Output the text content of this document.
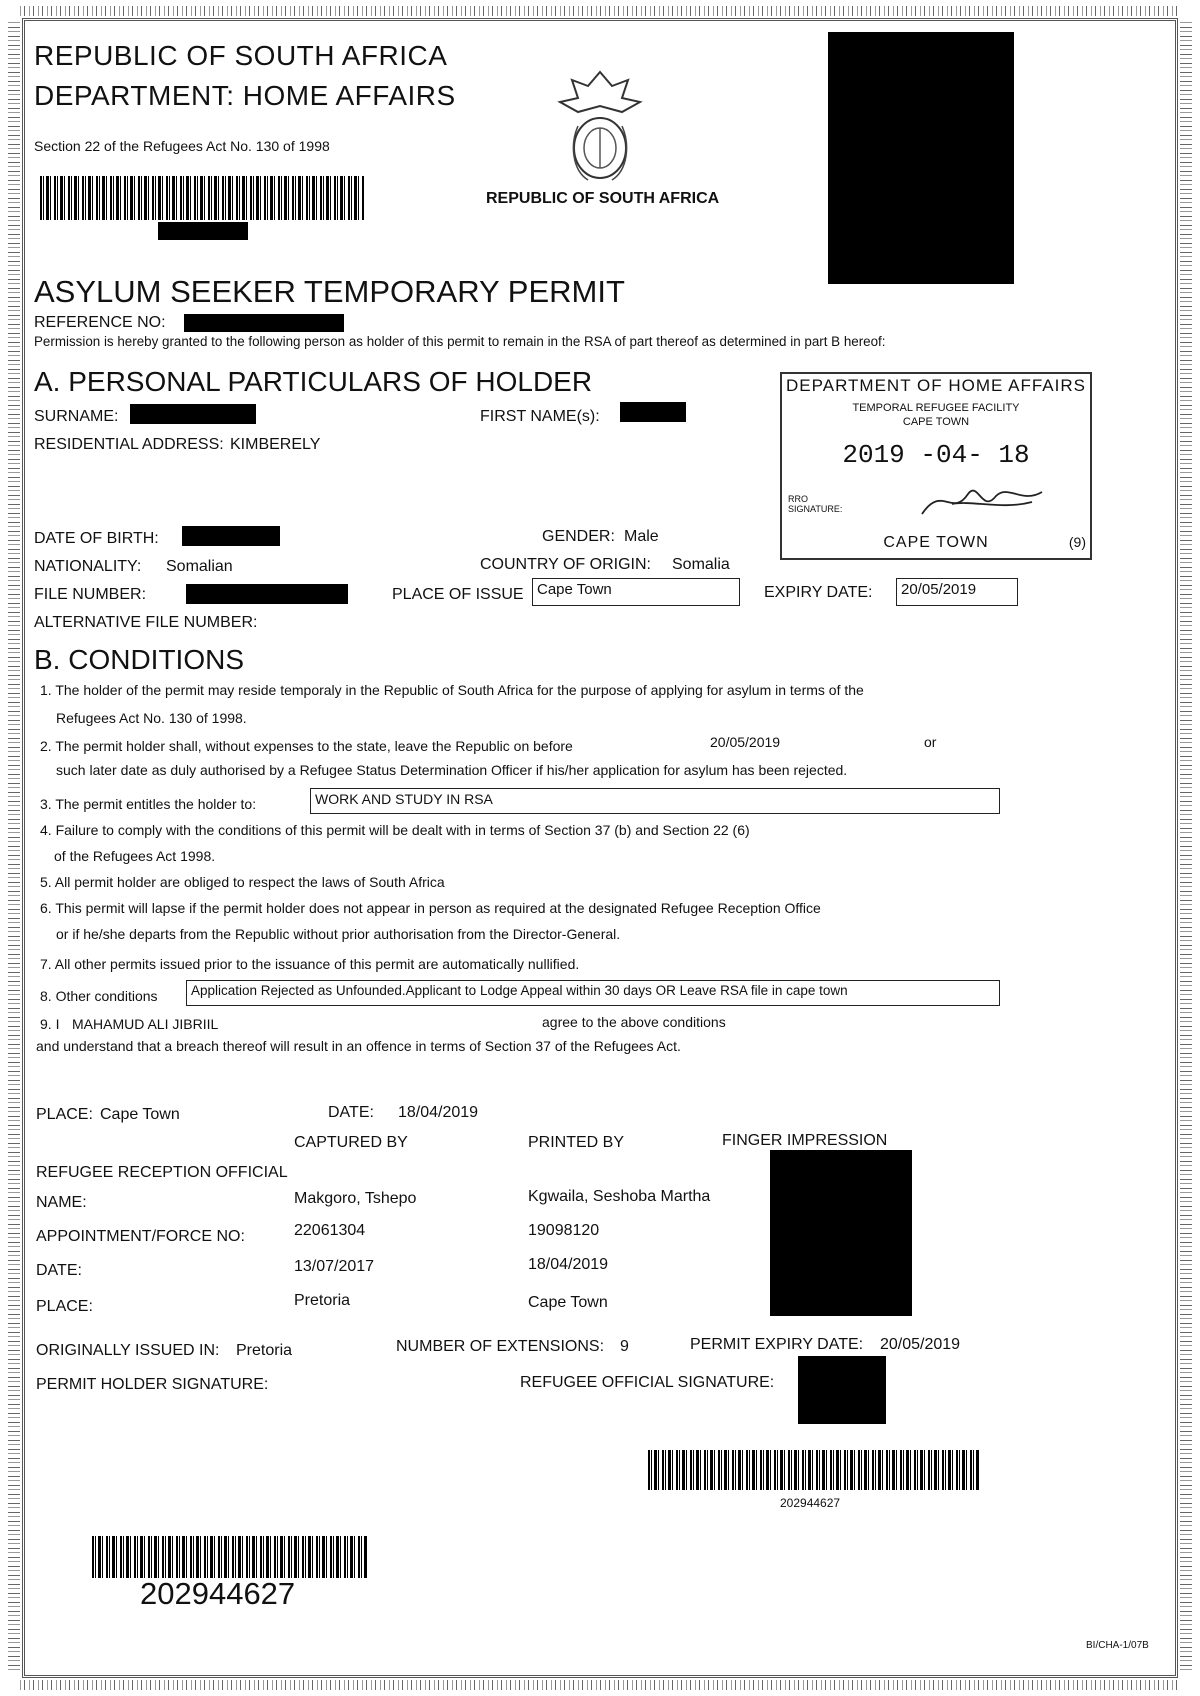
REPUBLIC OF SOUTH AFRICA
DEPARTMENT: HOME AFFAIRS
Section 22 of the Refugees Act No. 130 of 1998
REPUBLIC OF SOUTH AFRICA
ASYLUM SEEKER TEMPORARY PERMIT
REFERENCE NO:
Permission is hereby granted to the following person as holder of this permit to remain in the RSA of part thereof as determined in part B hereof:
A. PERSONAL PARTICULARS OF HOLDER
SURNAME:	FIRST NAME(s):
RESIDENTIAL ADDRESS: KIMBERELY
DATE OF BIRTH:	GENDER: Male
NATIONALITY: Somalian	COUNTRY OF ORIGIN: Somalia
FILE NUMBER:	PLACE OF ISSUE Cape Town	EXPIRY DATE:	20/05/2019
ALTERNATIVE FILE NUMBER:
DEPARTMENT OF HOME AFFAIRS
TEMPORAL REFUGEE FACILITY
CAPE TOWN
2019 -04- 18
RRO
SIGNATURE:
CAPE TOWN	(9)
B. CONDITIONS
1. The holder of the permit may reside temporaly in the Republic of South Africa for the purpose of applying for asylum in terms of the
Refugees Act No. 130 of 1998.
2. The permit holder shall, without expenses to the state, leave the Republic on before	20/05/2019	or
such later date as duly authorised by a Refugee Status Determination Officer if his/her application for asylum has been rejected.
3. The permit entitles the holder to:	WORK AND STUDY IN RSA
4. Failure to comply with the conditions of this permit will be dealt with in terms of Section 37 (b) and Section 22 (6)
of the Refugees Act 1998.
5. All permit holder are obliged to respect the laws of South Africa
6. This permit will lapse if the permit holder does not appear in person as required at the designated Refugee Reception Office
or if he/she departs from the Republic without prior authorisation from the Director-General.
7. All other permits issued prior to the issuance of this permit are automatically nullified.
8. Other conditions	Application Rejected as Unfounded.Applicant to Lodge Appeal within 30 days OR Leave RSA file in cape town
9. I MAHAMUD ALI JIBRIIL	agree to the above conditions
and understand that a breach thereof will result in an offence in terms of Section 37 of the Refugees Act.
PLACE: Cape Town	DATE: 18/04/2019
CAPTURED BY	PRINTED BY	FINGER IMPRESSION
REFUGEE RECEPTION OFFICIAL
NAME:	Makgoro, Tshepo	Kgwaila, Seshoba Martha
APPOINTMENT/FORCE NO:	22061304	19098120
DATE:	13/07/2017	18/04/2019
PLACE:	Pretoria	Cape Town
ORIGINALLY ISSUED IN: Pretoria	NUMBER OF EXTENSIONS: 9	PERMIT EXPIRY DATE: 20/05/2019
PERMIT HOLDER SIGNATURE:	REFUGEE OFFICIAL SIGNATURE:
202944627
202944627
BI/CHA-1/07B
